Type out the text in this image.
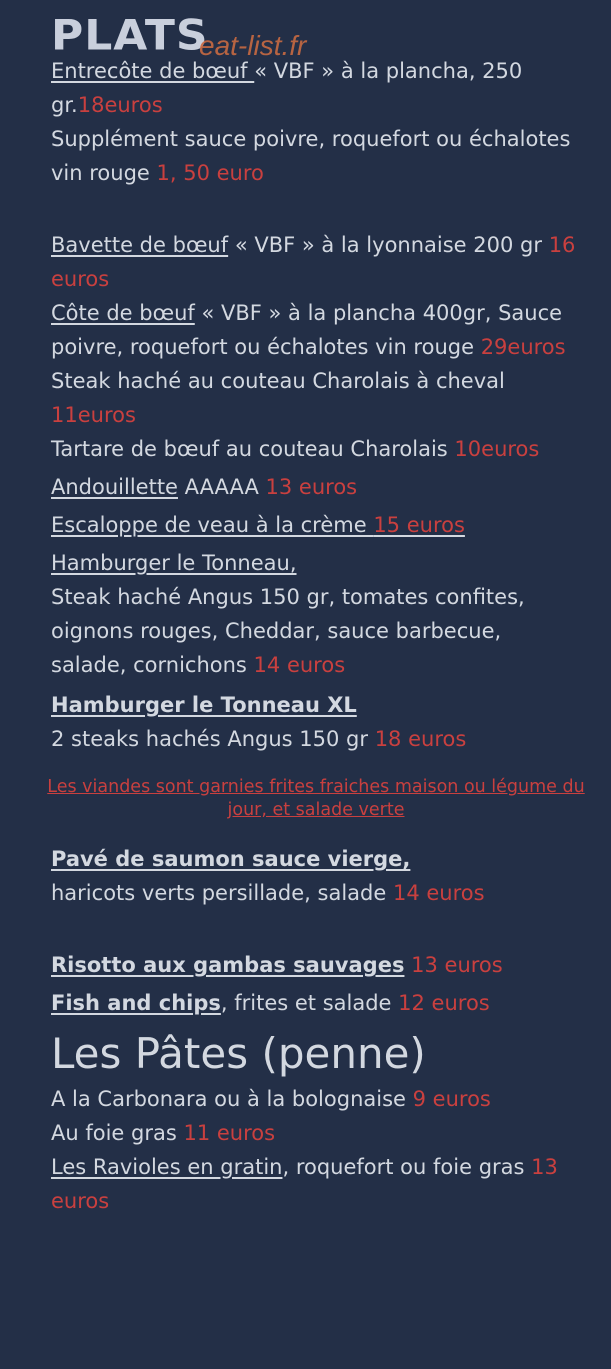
PLATS
eat-list.fr

Entrecôte de bœuf « VBF » à la plancha, 250 gr.18euros

Supplément sauce poivre, roquefort ou échalotes vin rouge 1, 50 euro

Bavette de bœuf « VBF » à la lyonnaise 200 gr 16 euros

Côte de bœuf « VBF » à la plancha 400gr, Sauce poivre, roquefort ou échalotes vin rouge 29euros

Steak haché au couteau Charolais à cheval 11euros

Tartare de bœuf au couteau Charolais 10euros

Andouillette AAAAA 13 euros

Escaloppe de veau à la crème 15 euros

Hamburger le Tonneau,
Steak haché Angus 150 gr, tomates confites, oignons rouges, Cheddar, sauce barbecue, salade, cornichons 14 euros

Hamburger le Tonneau XL
2 steaks hachés Angus 150 gr 18 euros

Les viandes sont garnies frites fraiches maison ou légume du jour, et salade verte

Pavé de saumon sauce vierge,
haricots verts persillade, salade 14 euros

Risotto aux gambas sauvages 13 euros

Fish and chips, frites et salade 12 euros

Les Pâtes (penne)

A la Carbonara ou à la bolognaise 9 euros

Au foie gras 11 euros

Les Ravioles en gratin, roquefort ou foie gras 13 euros
